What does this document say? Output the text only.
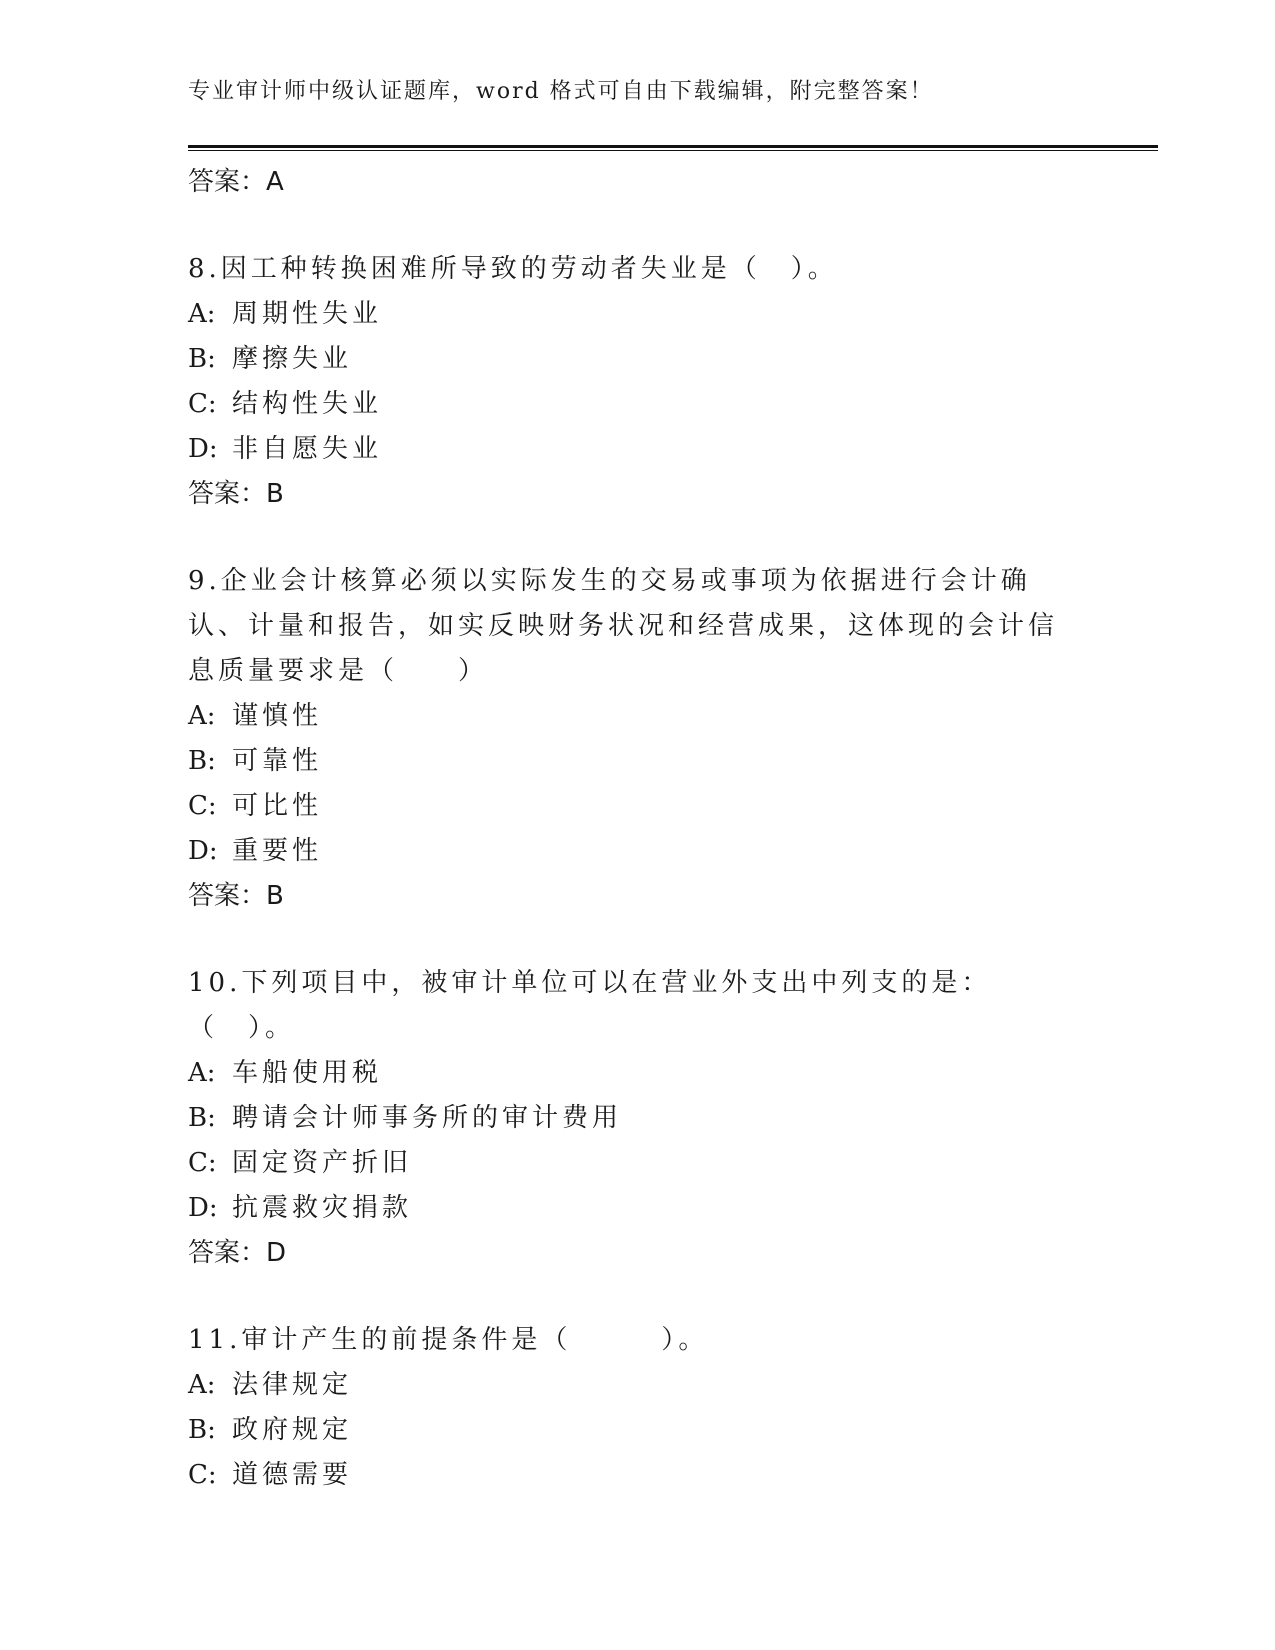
专业审计师中级认证题库，word 格式可自由下载编辑，附完整答案！
答案：A
8.因工种转换困难所导致的劳动者失业是（　）。
A: 周期性失业
B: 摩擦失业
C: 结构性失业
D: 非自愿失业
答案：B
9.企业会计核算必须以实际发生的交易或事项为依据进行会计确认、计量和报告，如实反映财务状况和经营成果，这体现的会计信息质量要求是（　　）
A: 谨慎性
B: 可靠性
C: 可比性
D: 重要性
答案：B
10.下列项目中，被审计单位可以在营业外支出中列支的是：（　）。
A: 车船使用税
B: 聘请会计师事务所的审计费用
C: 固定资产折旧
D: 抗震救灾捐款
答案：D
11.审计产生的前提条件是（　　　）。
A: 法律规定
B: 政府规定
C: 道德需要
